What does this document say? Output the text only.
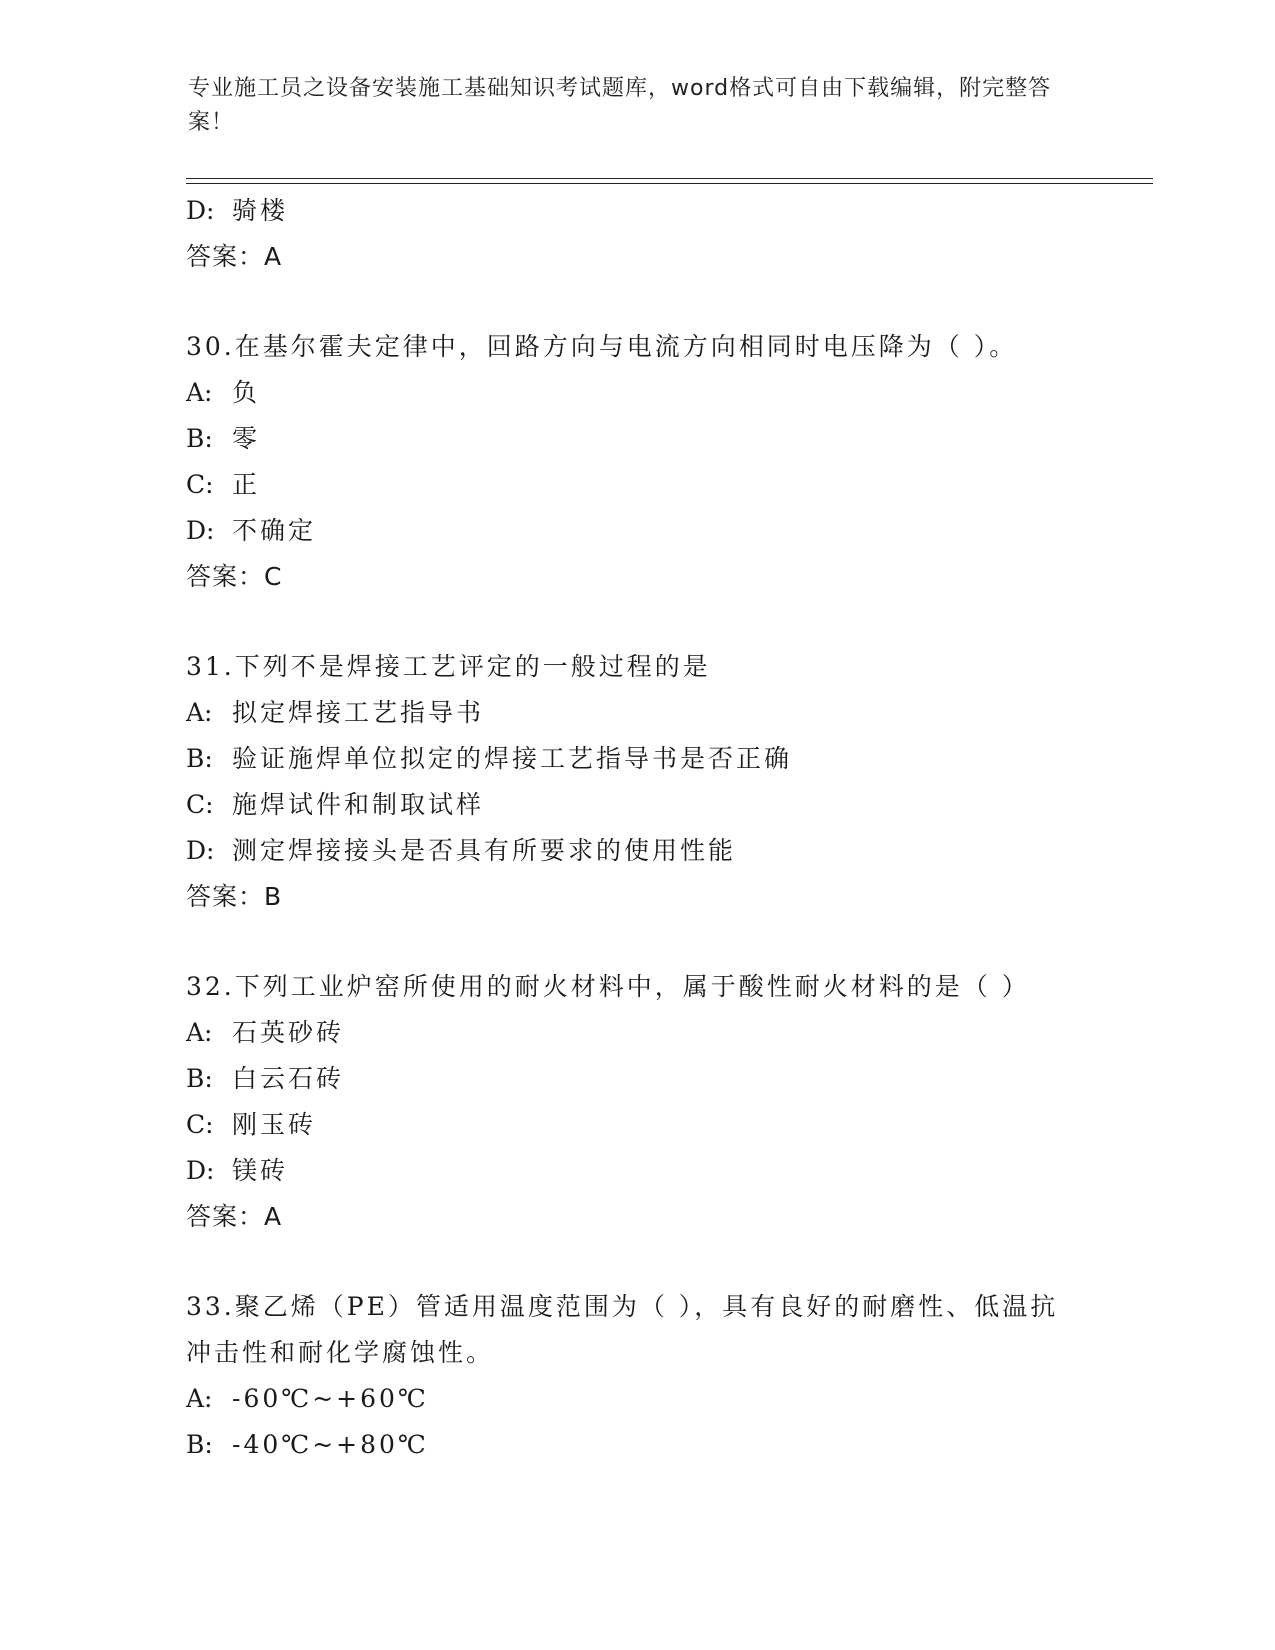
专业施工员之设备安装施工基础知识考试题库，word格式可自由下载编辑，附完整答案！
D: 骑楼
答案：A
30.在基尔霍夫定律中，回路方向与电流方向相同时电压降为（ ）。
A: 负
B: 零
C: 正
D: 不确定
答案：C
31.下列不是焊接工艺评定的一般过程的是
A: 拟定焊接工艺指导书
B: 验证施焊单位拟定的焊接工艺指导书是否正确
C: 施焊试件和制取试样
D: 测定焊接接头是否具有所要求的使用性能
答案：B
32.下列工业炉窑所使用的耐火材料中，属于酸性耐火材料的是（ ）
A: 石英砂砖
B: 白云石砖
C: 刚玉砖
D: 镁砖
答案：A
33.聚乙烯（PE）管适用温度范围为（ ），具有良好的耐磨性、低温抗冲击性和耐化学腐蚀性。
A: -60℃~+60℃
B: -40℃~+80℃
